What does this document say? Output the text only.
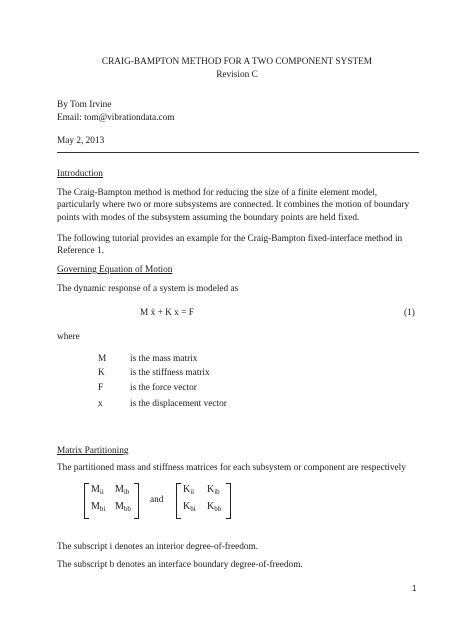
CRAIG-BAMPTON METHOD FOR A TWO COMPONENT SYSTEM
Revision C
By Tom Irvine
Email: tom@vibrationdata.com
May 2, 2013
Introduction
The Craig-Bampton method is method for reducing the size of a finite element model, particularly where two or more subsystems are connected. It combines the motion of boundary points with modes of the subsystem assuming the boundary points are held fixed.
The following tutorial provides an example for the Craig-Bampton fixed-interface method in Reference 1.
Governing Equation of Motion
The dynamic response of a system is modeled as
M ẍ + K x = F	(1)
where
M	is the mass matrix
K	is the stiffness matrix
F	is the force vector
x	is the displacement vector
Matrix Partitioning
The partitioned mass and stiffness matrices for each subsystem or component are respectively
$M_{ii}$ $M_{ib}$
$M_{bi}$ $M_{bb}$
and
$K_{ii}$ $K_{ib}$
$K_{bi}$ $K_{bb}$
The subscript i denotes an interior degree-of-freedom.
The subscript b denotes an interface boundary degree-of-freedom.
1
